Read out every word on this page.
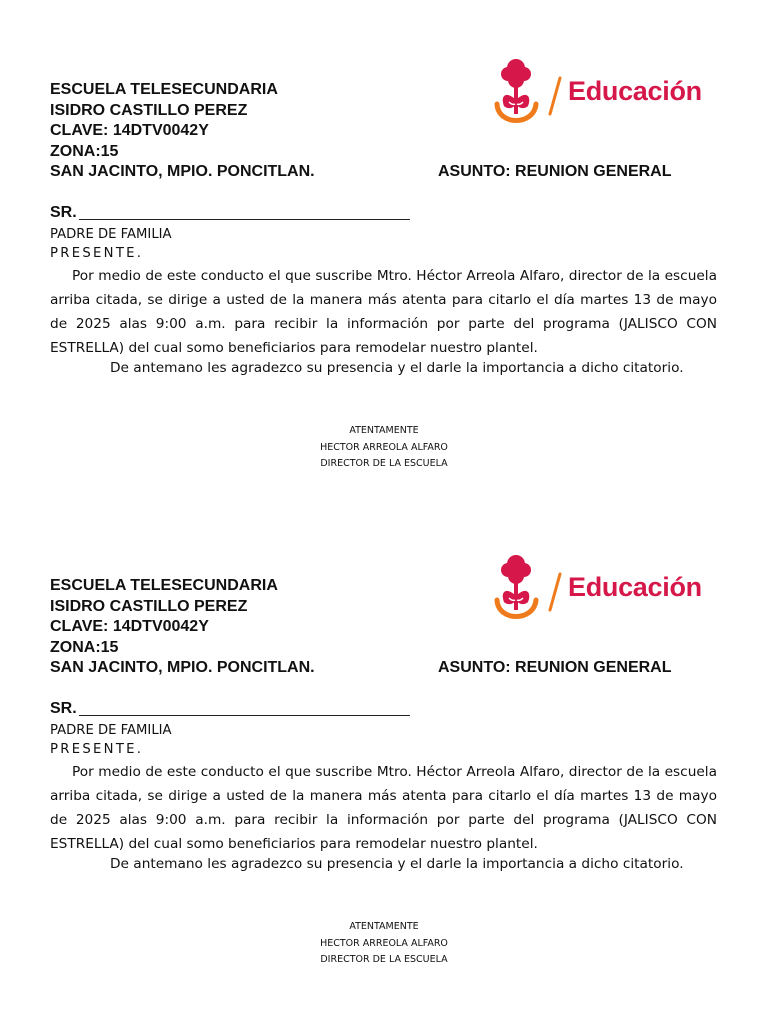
ESCUELA TELESECUNDARIA
ISIDRO CASTILLO PEREZ
CLAVE: 14DTV0042Y
ZONA:15
SAN JACINTO, MPIO. PONCITLAN.	ASUNTO: REUNION GENERAL
Educación
SR.
PADRE DE FAMILIA
PRESENTE.
Por medio de este conducto el que suscribe Mtro. Héctor Arreola Alfaro, director de la escuela arriba citada, se dirige a usted de la manera más atenta para citarlo el día martes 13 de mayo de 2025 alas 9:00 a.m. para recibir la información por parte del programa (JALISCO CON ESTRELLA) del cual somo beneficiarios para remodelar nuestro plantel.
De antemano les agradezco su presencia y el darle la importancia a dicho citatorio.
ATENTAMENTE
HECTOR ARREOLA ALFARO
DIRECTOR DE LA ESCUELA
ESCUELA TELESECUNDARIA
ISIDRO CASTILLO PEREZ
CLAVE: 14DTV0042Y
ZONA:15
SAN JACINTO, MPIO. PONCITLAN.	ASUNTO: REUNION GENERAL
Educación
SR.
PADRE DE FAMILIA
PRESENTE.
Por medio de este conducto el que suscribe Mtro. Héctor Arreola Alfaro, director de la escuela arriba citada, se dirige a usted de la manera más atenta para citarlo el día martes 13 de mayo de 2025 alas 9:00 a.m. para recibir la información por parte del programa (JALISCO CON ESTRELLA) del cual somo beneficiarios para remodelar nuestro plantel.
De antemano les agradezco su presencia y el darle la importancia a dicho citatorio.
ATENTAMENTE
HECTOR ARREOLA ALFARO
DIRECTOR DE LA ESCUELA
